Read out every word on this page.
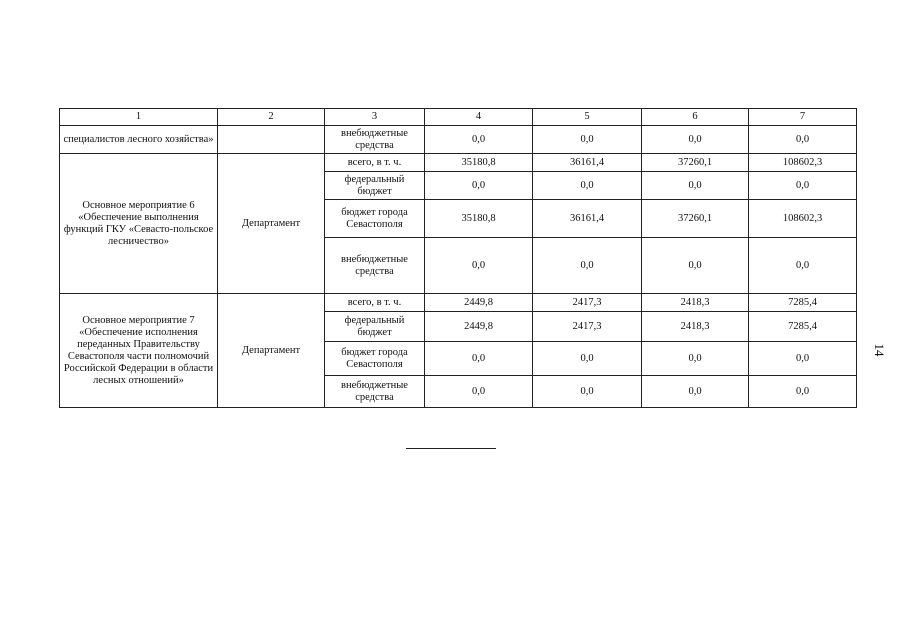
1	2	3	4	5	6	7
специалистов лесного хозяйства»		внебюджетные средства	0,0	0,0	0,0	0,0
Основное мероприятие 6 «Обеспечение выполнения функций ГКУ «Севасто-польское лесничество»	Департамент	всего, в т. ч.	35180,8	36161,4	37260,1	108602,3
		федеральный бюджет	0,0	0,0	0,0	0,0
		бюджет города Севастополя	35180,8	36161,4	37260,1	108602,3
		внебюджетные средства	0,0	0,0	0,0	0,0
Основное мероприятие 7 «Обеспечение исполнения переданных Правительству Севастополя части полномочий Российской Федерации в области лесных отношений»	Департамент	всего, в т. ч.	2449,8	2417,3	2418,3	7285,4
		федеральный бюджет	2449,8	2417,3	2418,3	7285,4
		бюджет города Севастополя	0,0	0,0	0,0	0,0
		внебюджетные средства	0,0	0,0	0,0	0,0
14
